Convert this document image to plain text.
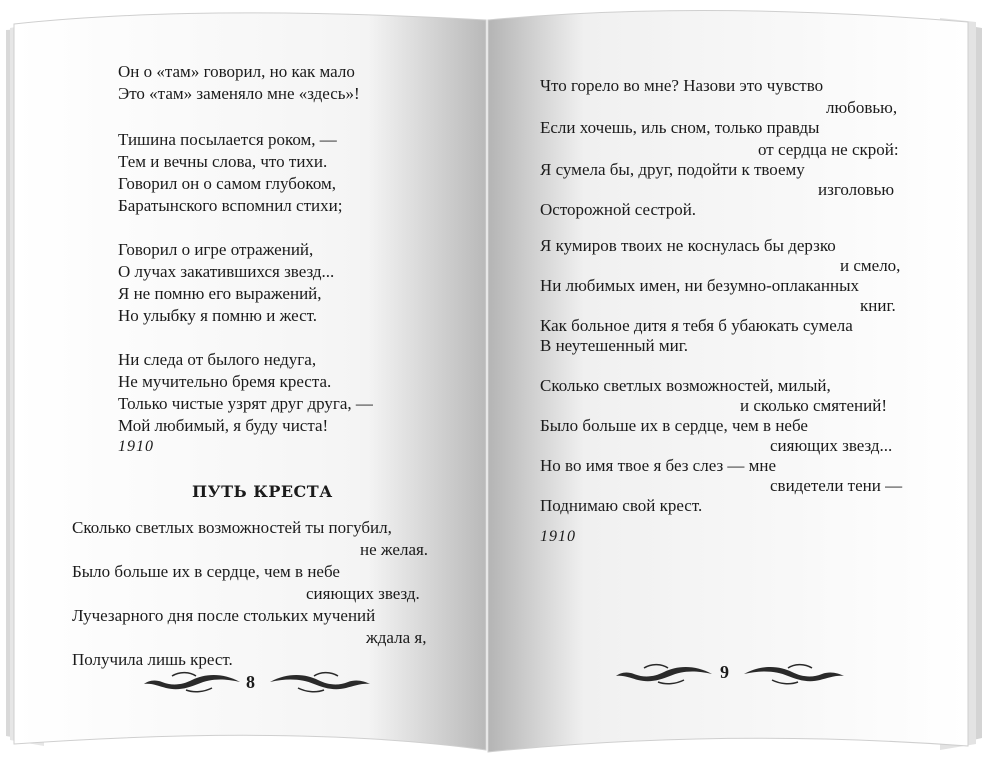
Он о «там» говорил, но как мало
Это «там» заменяло мне «здесь»!
Тишина посылается роком, —
Тем и вечны слова, что тихи.
Говорил он о самом глубоком,
Баратынского вспомнил стихи;
Говорил о игре отражений,
О лучах закатившихся звезд...
Я не помню его выражений,
Но улыбку я помню и жест.
Ни следа от былого недуга,
Не мучительно бремя креста.
Только чистые узрят друг друга, —
Мой любимый, я буду чиста!
1910
ПУТЬ КРЕСТА
Сколько светлых возможностей ты погубил,
не желая.
Было больше их в сердце, чем в небе
сияющих звезд.
Лучезарного дня после стольких мучений
ждала я,
Получила лишь крест.
8
Что горело во мне? Назови это чувство
любовью,
Если хочешь, иль сном, только правды
от сердца не скрой:
Я сумела бы, друг, подойти к твоему
изголовью
Осторожной сестрой.
Я кумиров твоих не коснулась бы дерзко
и смело,
Ни любимых имен, ни безумно-оплаканных
книг.
Как больное дитя я тебя б убаюкать сумела
В неутешенный миг.
Сколько светлых возможностей, милый,
и сколько смятений!
Было больше их в сердце, чем в небе
сияющих звезд...
Но во имя твое я без слез — мне
свидетели тени —
Поднимаю свой крест.
1910
9
